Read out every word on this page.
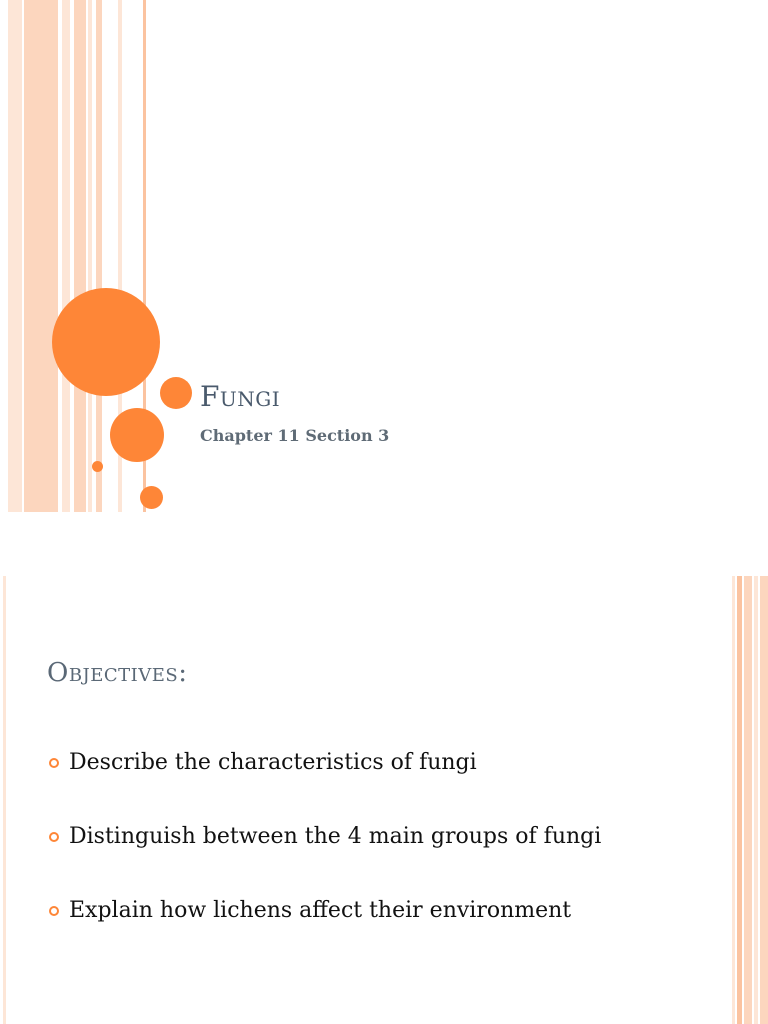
Fungi
Chapter 11 Section 3
Objectives:
Describe the characteristics of fungi
Distinguish between the 4 main groups of fungi
Explain how lichens affect their environment
